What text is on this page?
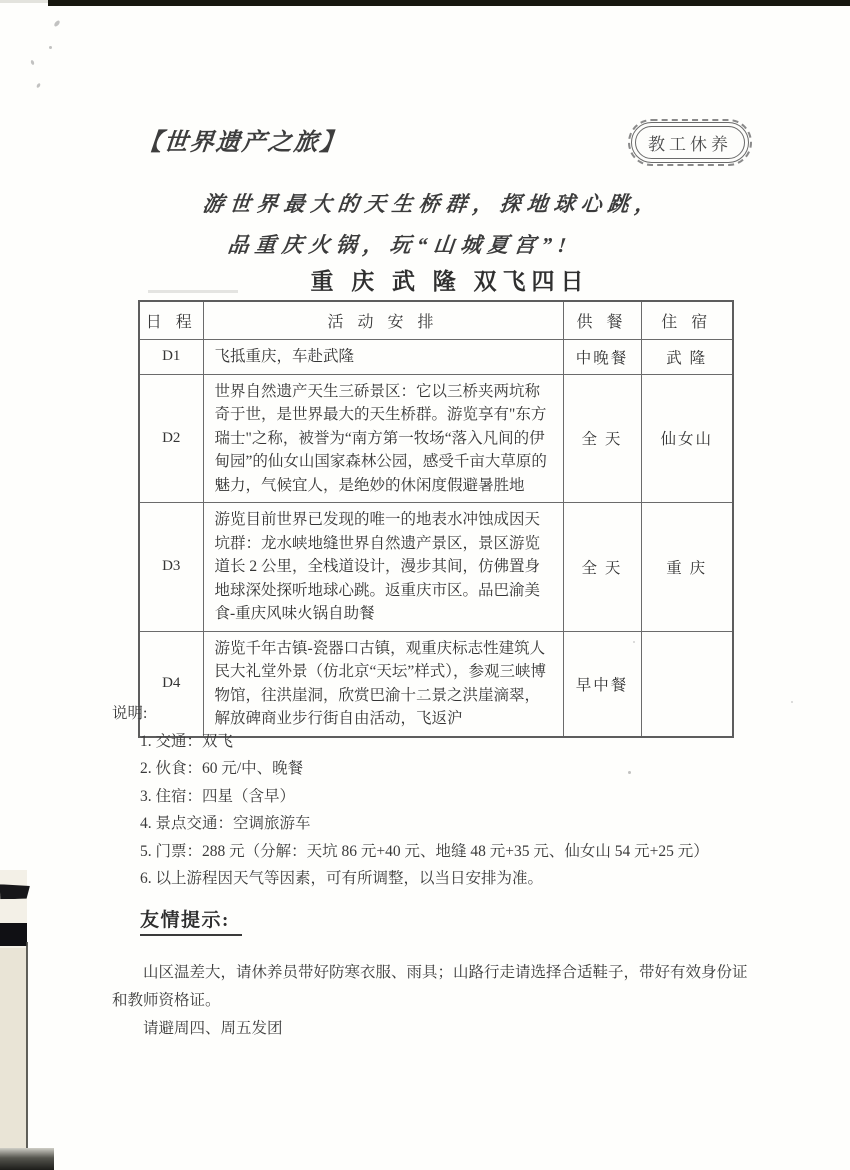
【世界遗产之旅】	教工休养
游世界最大的天生桥群，探地球心跳，
品重庆火锅，玩“山城夏宫”!
重 庆 武 隆 双飞四日
日 程	活 动 安 排	供 餐	住 宿
D1	飞抵重庆，车赴武隆	中晚餐	武 隆
D2	世界自然遗产天生三硚景区：它以三桥夹两坑称奇于世，是世界最大的天生桥群。游览享有"东方瑞士"之称，被誉为“南方第一牧场“落入凡间的伊甸园”的仙女山国家森林公园，感受千亩大草原的魅力，气候宜人，是绝妙的休闲度假避暑胜地	全 天	仙女山
D3	游览目前世界已发现的唯一的地表水冲蚀成因天坑群：龙水峡地缝世界自然遗产景区，景区游览道长 2 公里，全栈道设计，漫步其间，仿佛置身地球深处探听地球心跳。返重庆市区。品巴渝美食-重庆风味火锅自助餐	全 天	重 庆
D4	游览千年古镇-瓷器口古镇，观重庆标志性建筑人民大礼堂外景（仿北京“天坛”样式），参观三峡博物馆，往洪崖洞，欣赏巴渝十二景之洪崖滴翠，解放碑商业步行街自由活动，飞返沪	早中餐	
说明:
1. 交通：双飞
2. 伙食：60 元/中、晚餐
3. 住宿：四星（含早）
4. 景点交通：空调旅游车
5. 门票：288 元（分解：天坑 86 元+40 元、地缝 48 元+35 元、仙女山 54 元+25 元）
6. 以上游程因天气等因素，可有所调整，以当日安排为准。
友情提示:

山区温差大，请休养员带好防寒衣服、雨具；山路行走请选择合适鞋子，带好有效身份证和教师资格证。

请避周四、周五发团
